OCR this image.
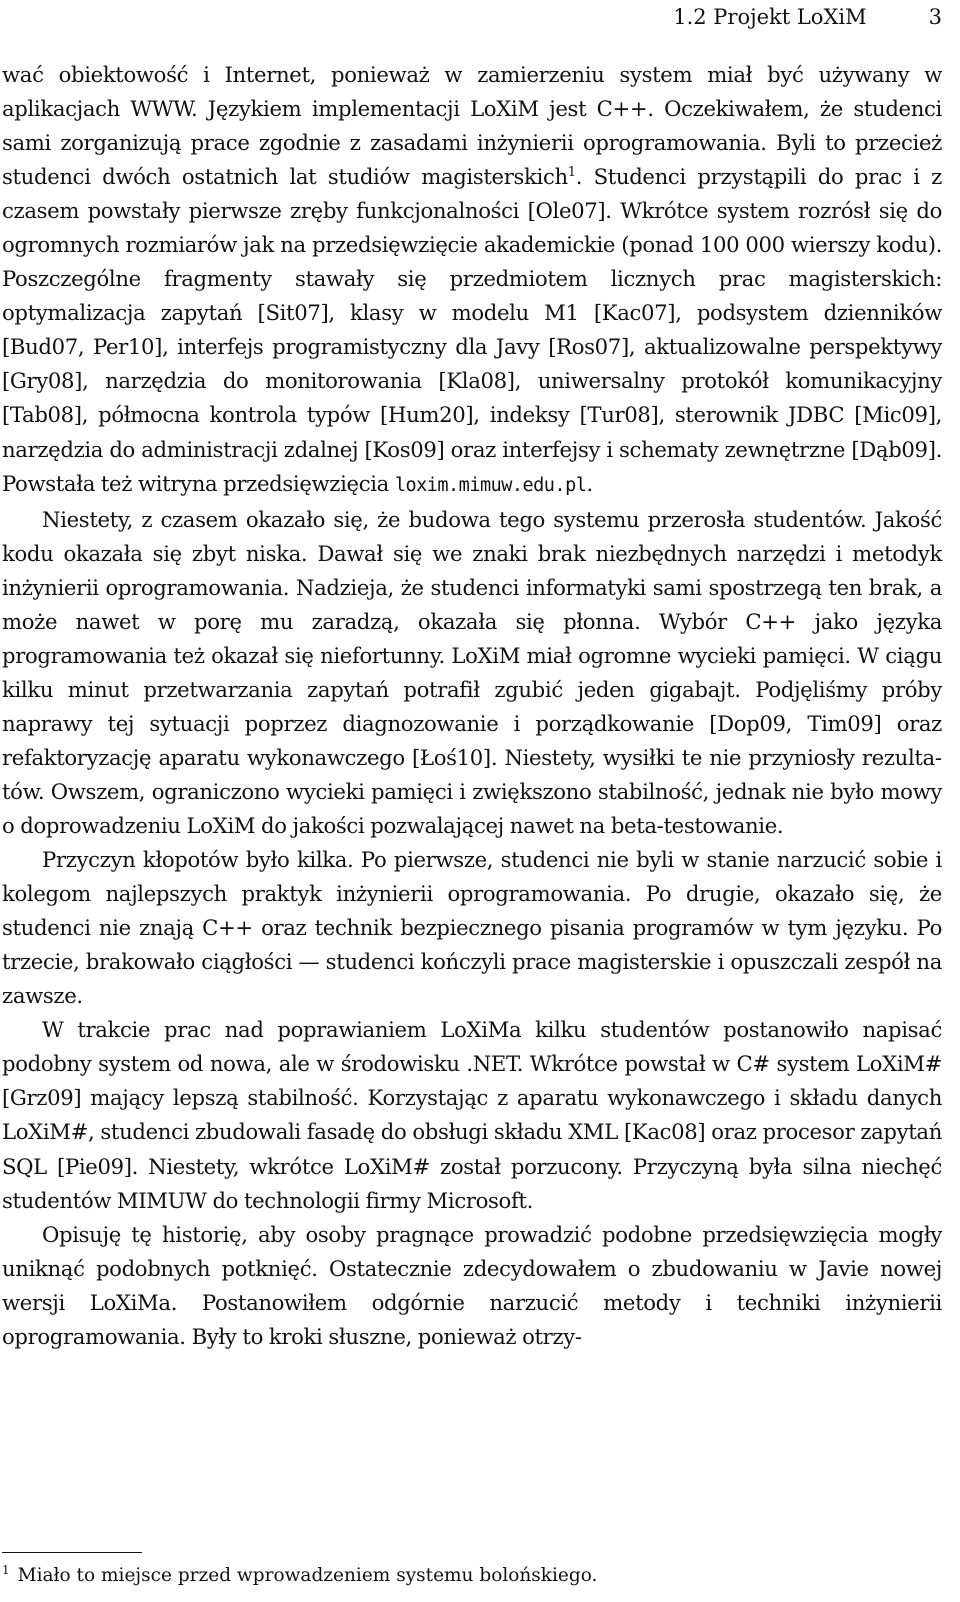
1.2 Projekt LoXiM	3

wać obiektowość i Internet, ponieważ w zamierzeniu system miał być używany w aplikacjach WWW. Językiem implementacji LoXiM jest C++. Oczekiwałem, że studenci sami zorganizują prace zgodnie z zasadami inżynierii oprogramowania. Byli to przecież studenci dwóch ostatnich lat studiów magisterskich$^1$. Studenci przystąpili do prac i z czasem powstały pierwsze zręby funkcjonalności [Ole07]. Wkrótce system rozrósł się do ogromnych rozmiarów jak na przedsięwzięcie akademickie (ponad 100 000 wierszy kodu). Poszczególne fragmenty stawały się przedmiotem licznych prac magisterskich: optymalizacja zapytań [Sit07], klasy w modelu M1 [Kac07], podsystem dzienników [Bud07, Per10], interfejs programistyczny dla Javy [Ros07], aktualizowalne perspektywy [Gry08], narzędzia do monitorowania [Kla08], uniwersalny protokół komunikacyjny [Tab08], półmocna kontrola typów [Hum20], indeksy [Tur08], sterownik JDBC [Mic09], narzędzia do administracji zdalnej [Kos09] oraz interfejsy i schematy zewnętrzne [Dąb09]. Powstała też witryna przedsięwzięcia loxim.mimuw.edu.pl.

Niestety, z czasem okazało się, że budowa tego systemu przerosła studentów. Jakość kodu okazała się zbyt niska. Dawał się we znaki brak niezbędnych narzędzi i metodyk inżynierii oprogramowania. Nadzieja, że studenci informatyki sami spostrzegą ten brak, a może nawet w porę mu zaradzą, okazała się płonna. Wybór C++ jako języka programowania też okazał się niefortunny. LoXiM miał ogromne wycieki pamięci. W ciągu kilku minut przetwarzania zapytań potrafił zgubić jeden gigabajt. Podjęliśmy próby naprawy tej sytuacji poprzez diagnozowanie i porządkowanie [Dop09, Tim09] oraz refaktoryzację aparatu wykonawczego [Łoś10]. Niestety, wysiłki te nie przyniosły rezultatów. Owszem, ograniczono wycieki pamięci i zwiększono stabilność, jednak nie było mowy o doprowadzeniu LoXiM do jakości pozwalającej nawet na beta-testowanie.

Przyczyn kłopotów było kilka. Po pierwsze, studenci nie byli w stanie narzucić sobie i kolegom najlepszych praktyk inżynierii oprogramowania. Po drugie, okazało się, że studenci nie znają C++ oraz technik bezpiecznego pisania programów w tym języku. Po trzecie, brakowało ciągłości — studenci kończyli prace magisterskie i opuszczali zespół na zawsze.

W trakcie prac nad poprawianiem LoXiMa kilku studentów postanowiło napisać podobny system od nowa, ale w środowisku .NET. Wkrótce powstał w C# system LoXiM# [Grz09] mający lepszą stabilność. Korzystając z aparatu wykonawczego i składu danych LoXiM#, studenci zbudowali fasadę do obsługi składu XML [Kac08] oraz procesor zapytań SQL [Pie09]. Niestety, wkrótce LoXiM# został porzucony. Przyczyną była silna niechęć studentów MIMUW do technologii firmy Microsoft.

Opisuję tę historię, aby osoby pragnące prowadzić podobne przedsięwzięcia mogły uniknąć podobnych potknięć. Ostatecznie zdecydowałem o zbudowaniu w Javie nowej wersji LoXiMa. Postanowiłem odgórnie narzucić metody i techniki inżynierii oprogramowania. Były to kroki słuszne, ponieważ otrzy-

$^1$ Miało to miejsce przed wprowadzeniem systemu bolońskiego.
